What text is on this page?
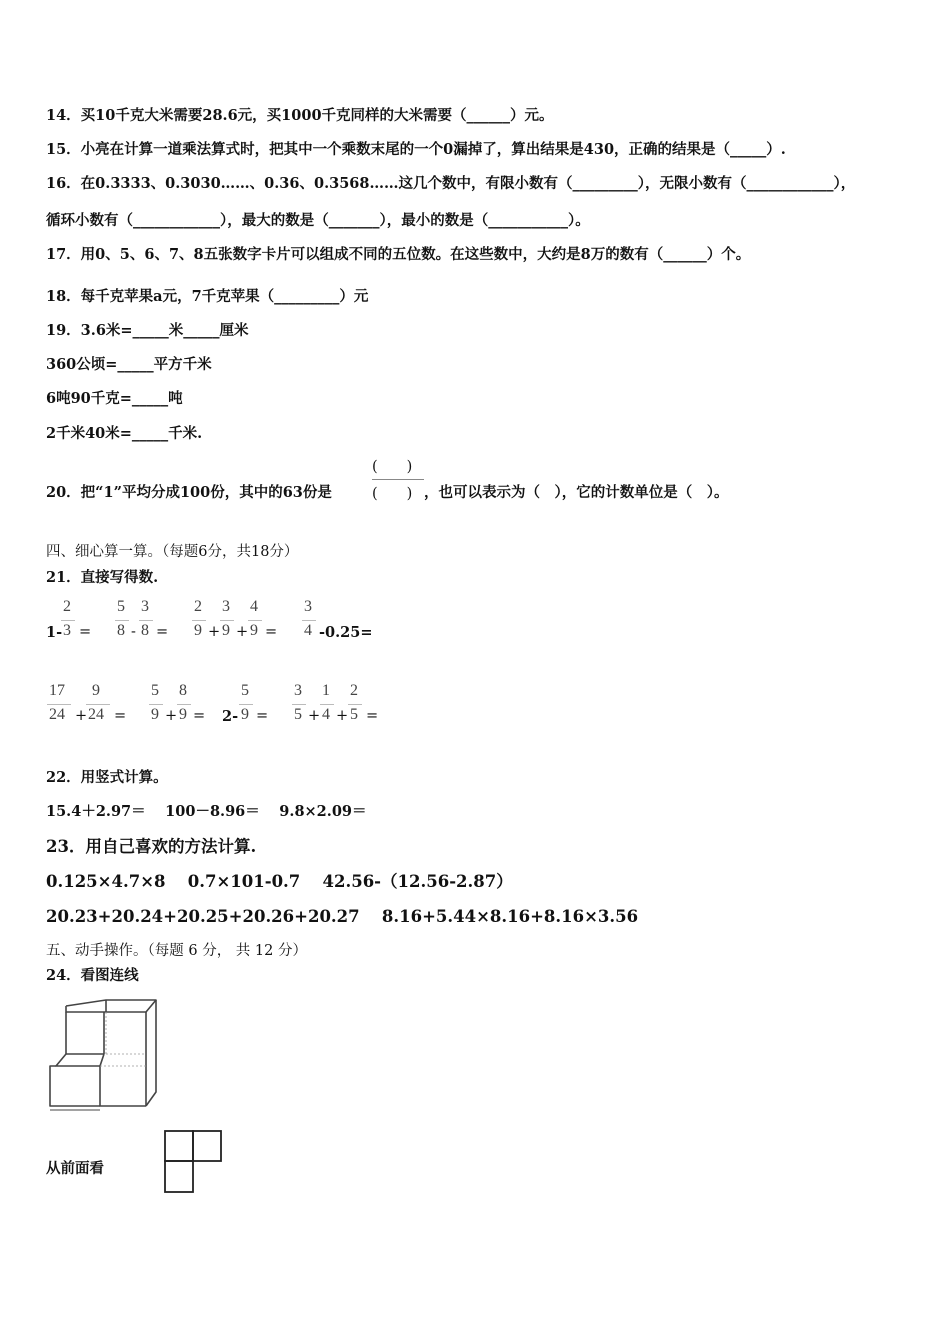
14．买10千克大米需要28.6元，买1000千克同样的大米需要（______）元。
15．小亮在计算一道乘法算式时，把其中一个乘数末尾的一个0漏掉了，算出结果是430，正确的结果是（_____）.
16．在0.3333、0.3030……、0.36、0.3568……这几个数中，有限小数有（_________），无限小数有（____________），
循环小数有（____________），最大的数是（_______），最小的数是（___________）。
17．用0、5、6、7、8五张数字卡片可以组成不同的五位数。在这些数中，大约是8万的数有（______）个。
18．每千克苹果a元，7千克苹果（_________）元
19．3.6米=_____米_____厘米
360公顷=_____平方千米
6吨90千克=_____吨
2千米40米=_____千米.
20．把“1”平均分成100份，其中的63份是
(　　)
(　　) ，也可以表示为（　），它的计数单位是（　）。
四、细心算一算。（每题6分，共18分）
21．直接写得数.
1-
2
3 =
5
8 -
3
8 =
2
9 +
3
9 +
4
9 =
3
4 -0.25=
17
24 +
9
24 =
5
9 +
8
9 = 2-
5
9 =
3
5 +
1
4 +
2
5 =
22．用竖式计算。
15.4＋2.97＝　 100－8.96＝　 9.8×2.09＝
23．用自己喜欢的方法计算.
0.125×4.7×8　 0.7×101-0.7　 42.56-（12.56-2.87）
20.23+20.24+20.25+20.26+20.27　 8.16+5.44×8.16+8.16×3.56
五、动手操作。（每题 6 分， 共 12 分）
24．看图连线
从前面看
